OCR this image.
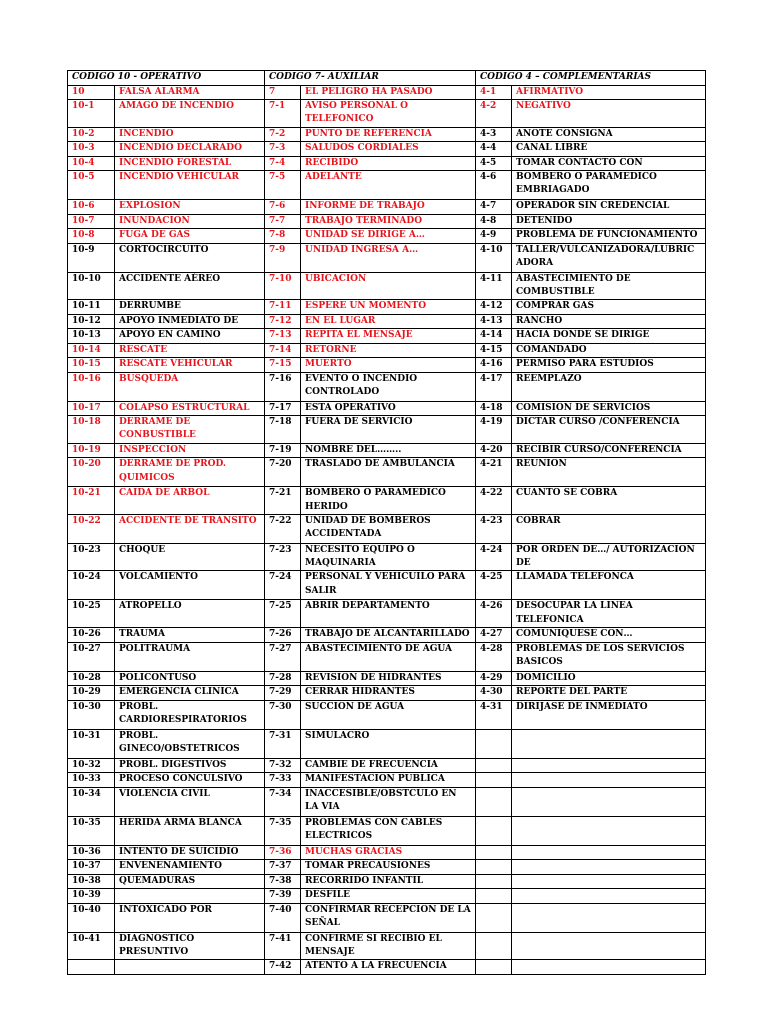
CODIGO 10 - OPERATIVO		CODIGO 7- AUXILIAR		CODIGO 4 – COMPLEMENTARIAS	
10	FALSA ALARMA	7	EL PELIGRO HA PASADO	4-1	AFIRMATIVO
10-1	AMAGO DE INCENDIO	7-1	AVISO PERSONAL O TELEFONICO	4-2	NEGATIVO
10-2	INCENDIO	7-2	PUNTO DE REFERENCIA	4-3	ANOTE CONSIGNA
10-3	INCENDIO DECLARADO	7-3	SALUDOS CORDIALES	4-4	CANAL LIBRE
10-4	INCENDIO FORESTAL	7-4	RECIBIDO	4-5	TOMAR CONTACTO CON
10-5	INCENDIO VEHICULAR	7-5	ADELANTE	4-6	BOMBERO O PARAMEDICO EMBRIAGADO
10-6	EXPLOSION	7-6	INFORME DE TRABAJO	4-7	OPERADOR SIN CREDENCIAL
10-7	INUNDACION	7-7	TRABAJO TERMINADO	4-8	DETENIDO
10-8	FUGA DE GAS	7-8	UNIDAD SE DIRIGE A…	4-9	PROBLEMA DE FUNCIONAMIENTO
10-9	CORTOCIRCUITO	7-9	UNIDAD INGRESA A…	4-10	TALLER/VULCANIZADORA/LUBRICADORA
10-10	ACCIDENTE AÉREO	7-10	UBICACIÓN	4-11	ABASTECIMIENTO DE COMBUSTIBLE
10-11	DERRUMBE	7-11	ESPERE UN MOMENTO	4-12	COMPRAR GAS
10-12	APOYO INMEDIATO DE	7-12	EN EL LUGAR	4-13	RANCHO
10-13	APOYO EN CAMINO	7-13	REPITA EL MENSAJE	4-14	HACIA DONDE SE DIRIGE
10-14	RESCATE	7-14	RETORNE	4-15	COMANDADO
10-15	RESCATE VEHICULAR	7-15	MUERTO	4-16	PERMISO PARA ESTUDIOS
10-16	BUSQUEDA	7-16	EVENTO O INCENDIO CONTROLADO	4-17	REEMPLAZO
10-17	COLAPSO ESTRUCTURAL	7-17	ESTA OPERATIVO	4-18	COMISION DE SERVICIOS
10-18	DERRAME DE CONBUSTIBLE	7-18	FUERA DE SERVICIO	4-19	DICTAR CURSO /CONFERENCIA
10-19	INSPECCION	7-19	NOMBRE DEL……..	4-20	RECIBIR CURSO/CONFERENCIA
10-20	DERRAME DE PROD. QUIMICOS	7-20	TRASLADO DE AMBULANCIA	4-21	REUNION
10-21	CAIDA DE ARBOL	7-21	BOMBERO O PARAMEDICO HERIDO	4-22	CUANTO SE COBRA
10-22	ACCIDENTE DE TRANSITO	7-22	UNIDAD DE BOMBEROS ACCIDENTADA	4-23	COBRAR
10-23	CHOQUE	7-23	NECESITO EQUIPO O MAQUINARIA	4-24	POR ORDEN DE…/ AUTORIZACION DE
10-24	VOLCAMIENTO	7-24	PERSONAL Y VEHICUILO PARA SALIR	4-25	LLAMADA TELEFONCA
10-25	ATROPELLO	7-25	ABRIR DEPARTAMENTO	4-26	DESOCUPAR LA LINEA TELEFONICA
10-26	TRAUMA	7-26	TRABAJO DE ALCANTARILLADO	4-27	COMUNIQUESE CON…
10-27	POLITRAUMA	7-27	ABASTECIMIENTO DE AGUA	4-28	PROBLEMAS DE LOS SERVICIOS BASICOS
10-28	POLICONTUSO	7-28	REVISION DE HIDRANTES	4-29	DOMICILIO
10-29	EMERGENCIA CLINICA	7-29	CERRAR HIDRANTES	4-30	REPORTE DEL PARTE
10-30	PROBL. CARDIORESPIRATORIOS	7-30	SUCCION DE AGUA	4-31	DIRIJASE DE INMEDIATO
10-31	PROBL. GINECO/OBSTETRICOS	7-31	SIMULACRO		
10-32	PROBL. DIGESTIVOS	7-32	CAMBIE DE FRECUENCIA		
10-33	PROCESO CONCULSIVO	7-33	MANIFESTACION PUBLICA		
10-34	VIOLENCIA CIVIL	7-34	INACCESIBLE/OBSTCULO EN LA VIA		
10-35	HERIDA ARMA BLANCA	7-35	PROBLEMAS CON CABLES ELECTRICOS		
10-36	INTENTO DE SUICIDIO	7-36	MUCHAS GRACIAS		
10-37	ENVENENAMIENTO	7-37	TOMAR PRECAUSIONES		
10-38	QUEMADURAS	7-38	RECORRIDO INFANTIL		
10-39		7-39	DESFILE		
10-40	INTOXICADO POR	7-40	CONFIRMAR RECEPCION DE LA SEÑAL		
10-41	DIAGNOSTICO PRESUNTIVO	7-41	CONFIRME SI RECIBIO EL MENSAJE		
		7-42	ATENTO A LA FRECUENCIA		
